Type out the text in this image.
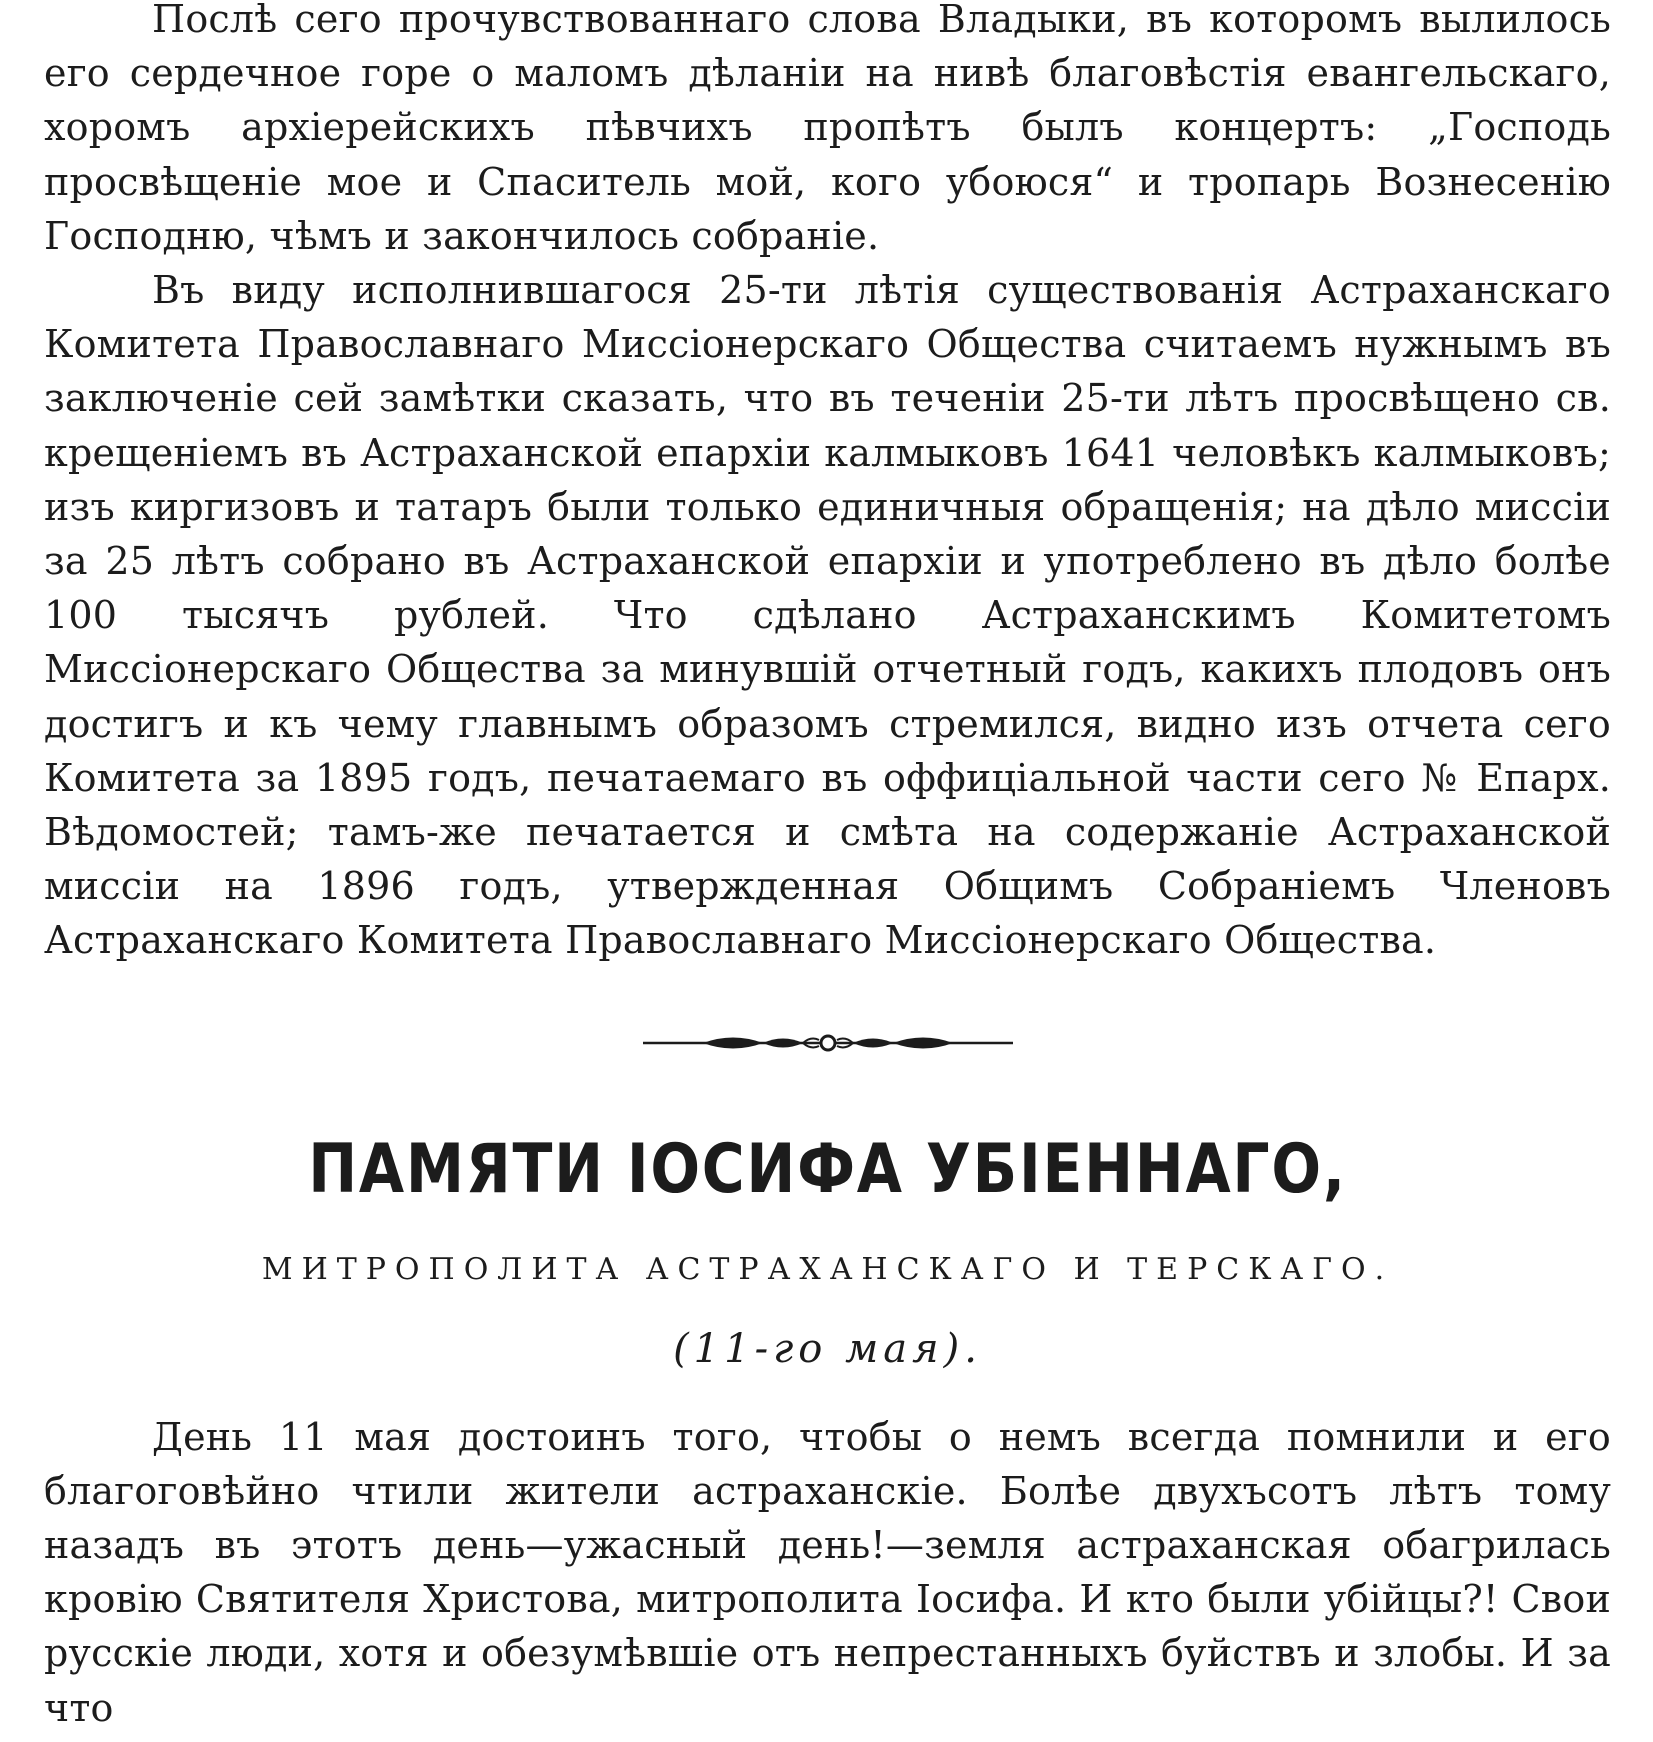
Послѣ сего прочувствованнаго слова Владыки, въ которомъ вылилось его сердечное горе о маломъ дѣланіи на нивѣ благовѣстія евангельскаго, хоромъ архіерейскихъ пѣвчихъ пропѣтъ былъ концертъ: „Господь просвѣщеніе мое и Спаситель мой, кого убоюся“ и тропарь Вознесенію Господню, чѣмъ и закончилось собраніе.

Въ виду исполнившагося 25-ти лѣтія существованія Астраханскаго Комитета Православнаго Миссіонерскаго Общества считаемъ нужнымъ въ заключеніе сей замѣтки сказать, что въ теченіи 25-ти лѣтъ просвѣщено св. крещеніемъ въ Астраханской епархіи калмыковъ 1641 человѣкъ калмыковъ; изъ киргизовъ и татаръ были только единичныя обращенія; на дѣло миссіи за 25 лѣтъ собрано въ Астраханской епархіи и употреблено въ дѣло болѣе 100 тысячъ рублей. Что сдѣлано Астраханскимъ Комитетомъ Миссіонерскаго Общества за минувшій отчетный годъ, какихъ плодовъ онъ достигъ и къ чему главнымъ образомъ стремился, видно изъ отчета сего Комитета за 1895 годъ, печатаемаго въ оффиціальной части сего № Епарх. Вѣдомостей; тамъ-же печатается и смѣта на содержаніе Астраханской миссіи на 1896 годъ, утвержденная Общимъ Собраніемъ Членовъ Астраханскаго Комитета Православнаго Миссіонерскаго Общества.

ПАМЯТИ ІОСИФА УБІЕННАГО,
МИТРОПОЛИТА АСТРАХАНСКАГО И ТЕРСКАГО.
(11-го мая).

День 11 мая достоинъ того, чтобы о немъ всегда помнили и его благоговѣйно чтили жители астраханскіе. Болѣе двухъсотъ лѣтъ тому назадъ въ этотъ день—ужасный день!—земля астраханская обагрилась кровію Святителя Христова, митрополита Іосифа. И кто были убійцы?! Свои русскіе люди, хотя и обезумѣвшіе отъ непрестанныхъ буйствъ и злобы. И за что
